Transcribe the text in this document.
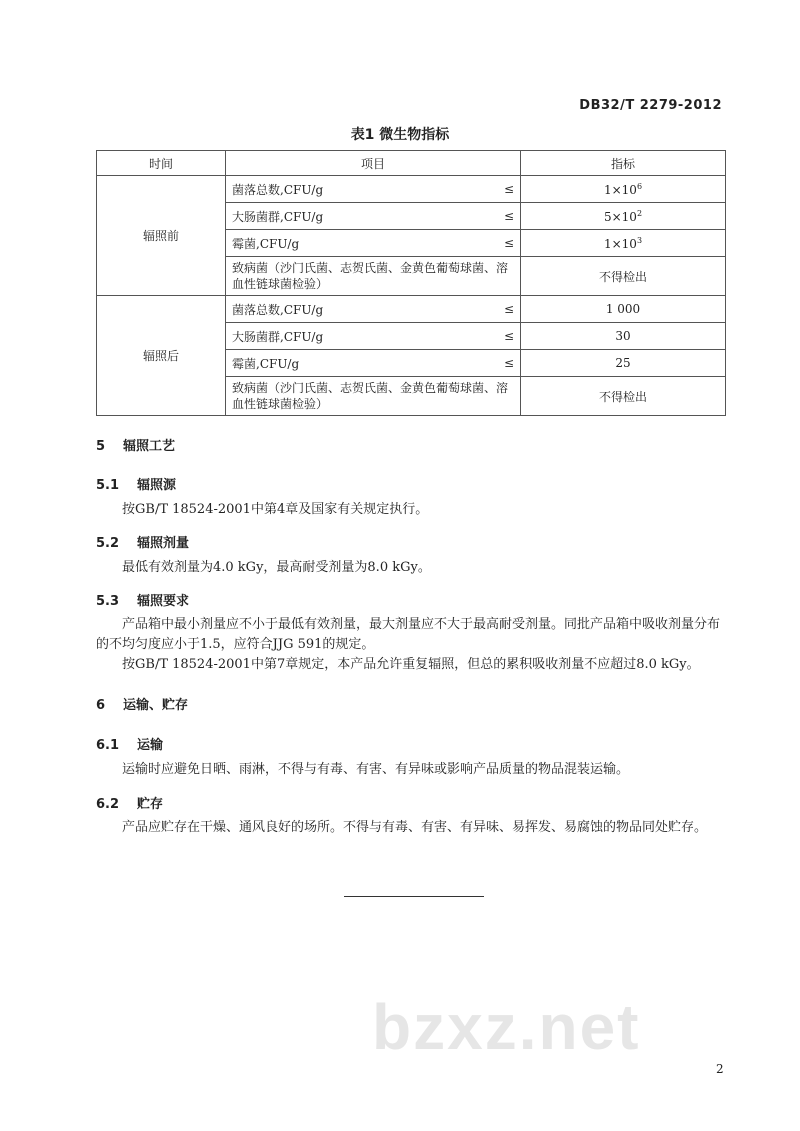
DB32/T 2279-2012
表1 微生物指标
时间	项目		指标
辐照前	菌落总数,CFU/g	≤	$1\times 10^6$
	大肠菌群,CFU/g	≤	$5\times 10^2$
	霉菌,CFU/g	≤	$1\times 10^3$
	致病菌（沙门氏菌、志贺氏菌、金黄色葡萄球菌、溶血性链球菌检验）		不得检出
辐照后	菌落总数,CFU/g	≤	1 000
	大肠菌群,CFU/g	≤	30
	霉菌,CFU/g	≤	25
	致病菌（沙门氏菌、志贺氏菌、金黄色葡萄球菌、溶血性链球菌检验）		不得检出
5 辐照工艺
5.1 辐照源
按GB/T 18524-2001中第4章及国家有关规定执行。
5.2 辐照剂量
最低有效剂量为4.0 kGy，最高耐受剂量为8.0 kGy。
5.3 辐照要求
产品箱中最小剂量应不小于最低有效剂量，最大剂量应不大于最高耐受剂量。同批产品箱中吸收剂量分布的不均匀度应小于1.5，应符合JJG 591的规定。
按GB/T 18524-2001中第7章规定，本产品允许重复辐照，但总的累积吸收剂量不应超过8.0 kGy。
6 运输、贮存
6.1 运输
运输时应避免日晒、雨淋，不得与有毒、有害、有异味或影响产品质量的物品混装运输。
6.2 贮存
产品应贮存在干燥、通风良好的场所。不得与有毒、有害、有异味、易挥发、易腐蚀的物品同处贮存。
bzxz.net
2
